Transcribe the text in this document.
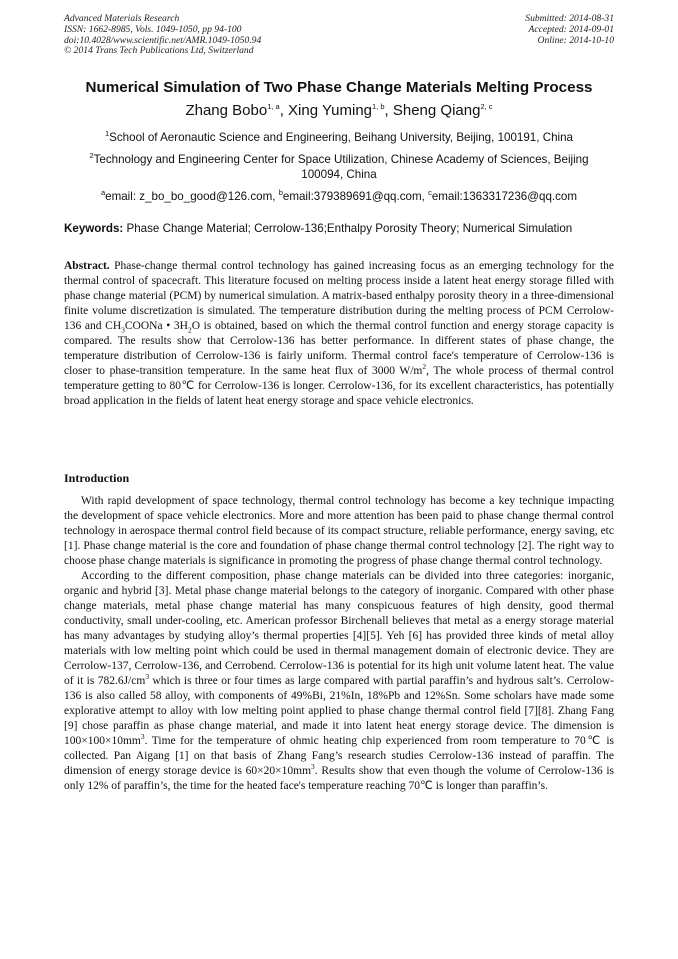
Advanced Materials Research
ISSN: 1662-8985, Vols. 1049-1050, pp 94-100
doi:10.4028/www.scientific.net/AMR.1049-1050.94
© 2014 Trans Tech Publications Ltd, Switzerland
Submitted: 2014-08-31
Accepted: 2014-09-01
Online: 2014-10-10
Numerical Simulation of Two Phase Change Materials Melting Process
Zhang Bobo$^{1, a}$, Xing Yuming$^{1, b}$, Sheng Qiang$^{2, c}$
$^1$School of Aeronautic Science and Engineering, Beihang University, Beijing, 100191, China
$^2$Technology and Engineering Center for Space Utilization, Chinese Academy of Sciences, Beijing
100094, China
$^a$email: z_bo_bo_good@126.com, $^b$email:379389691@qq.com, $^c$email:1363317236@qq.com
Keywords: Phase Change Material; Cerrolow-136;Enthalpy Porosity Theory; Numerical Simulation

Abstract. Phase-change thermal control technology has gained increasing focus as an emerging technology for the thermal control of spacecraft. This literature focused on melting process inside a latent heat energy storage filled with phase change material (PCM) by numerical simulation. A matrix-based enthalpy porosity theory in a three-dimensional finite volume discretization is simulated. The temperature distribution during the melting process of PCM Cerrolow-136 and $CH_3COONa$ • $3H_2O$ is obtained, based on which the thermal control function and energy storage capacity is compared. The results show that Cerrolow-136 has better performance. In different states of phase change, the temperature distribution of Cerrolow-136 is fairly uniform. Thermal control face's temperature of Cerrolow-136 is closer to phase-transition temperature. In the same heat flux of 3000 $W/m^2$, The whole process of thermal control temperature getting to 80℃ for Cerrolow-136 is longer. Cerrolow-136, for its excellent characteristics, has potentially broad application in the fields of latent heat energy storage and space vehicle electronics.

Introduction

With rapid development of space technology, thermal control technology has become a key technique impacting the development of space vehicle electronics. More and more attention has been paid to phase change thermal control technology in aerospace thermal control field because of its compact structure, reliable performance, energy saving, etc [1]. Phase change material is the core and foundation of phase change thermal control technology [2]. The right way to choose phase change materials is significance in promoting the progress of phase change thermal control technology.

According to the different composition, phase change materials can be divided into three categories: inorganic, organic and hybrid [3]. Metal phase change material belongs to the category of inorganic. Compared with other phase change materials, metal phase change material has many conspicuous features of high density, good thermal conductivity, small under-cooling, etc. American professor Birchenall believes that metal as a energy storage material has many advantages by studying alloy’s thermal properties [4][5]. Yeh [6] has provided three kinds of metal alloy materials with low melting point which could be used in thermal management domain of electronic device. They are Cerrolow-137, Cerrolow-136, and Cerrobend. Cerrolow-136 is potential for its high unit volume latent heat. The value of it is $782.6J/cm^3$ which is three or four times as large compared with partial paraffin’s and hydrous salt’s. Cerrolow-136 is also called 58 alloy, with components of 49%Bi, 21%In, 18%Pb and 12%Sn. Some scholars have made some explorative attempt to alloy with low melting point applied to phase change thermal control field [7][8]. Zhang Fang [9] chose paraffin as phase change material, and made it into latent heat energy storage device. The dimension is $100\times 100\times 10mm^3$. Time for the temperature of ohmic heating chip experienced from room temperature to 70℃ is collected. Pan Aigang [1] on that basis of Zhang Fang’s research studies Cerrolow-136 instead of paraffin. The dimension of energy storage device is $60\times 20\times 10mm^3$. Results show that even though the volume of Cerrolow-136 is only 12% of paraffin’s, the time for the heated face's temperature reaching 70℃ is longer than paraffin’s.
